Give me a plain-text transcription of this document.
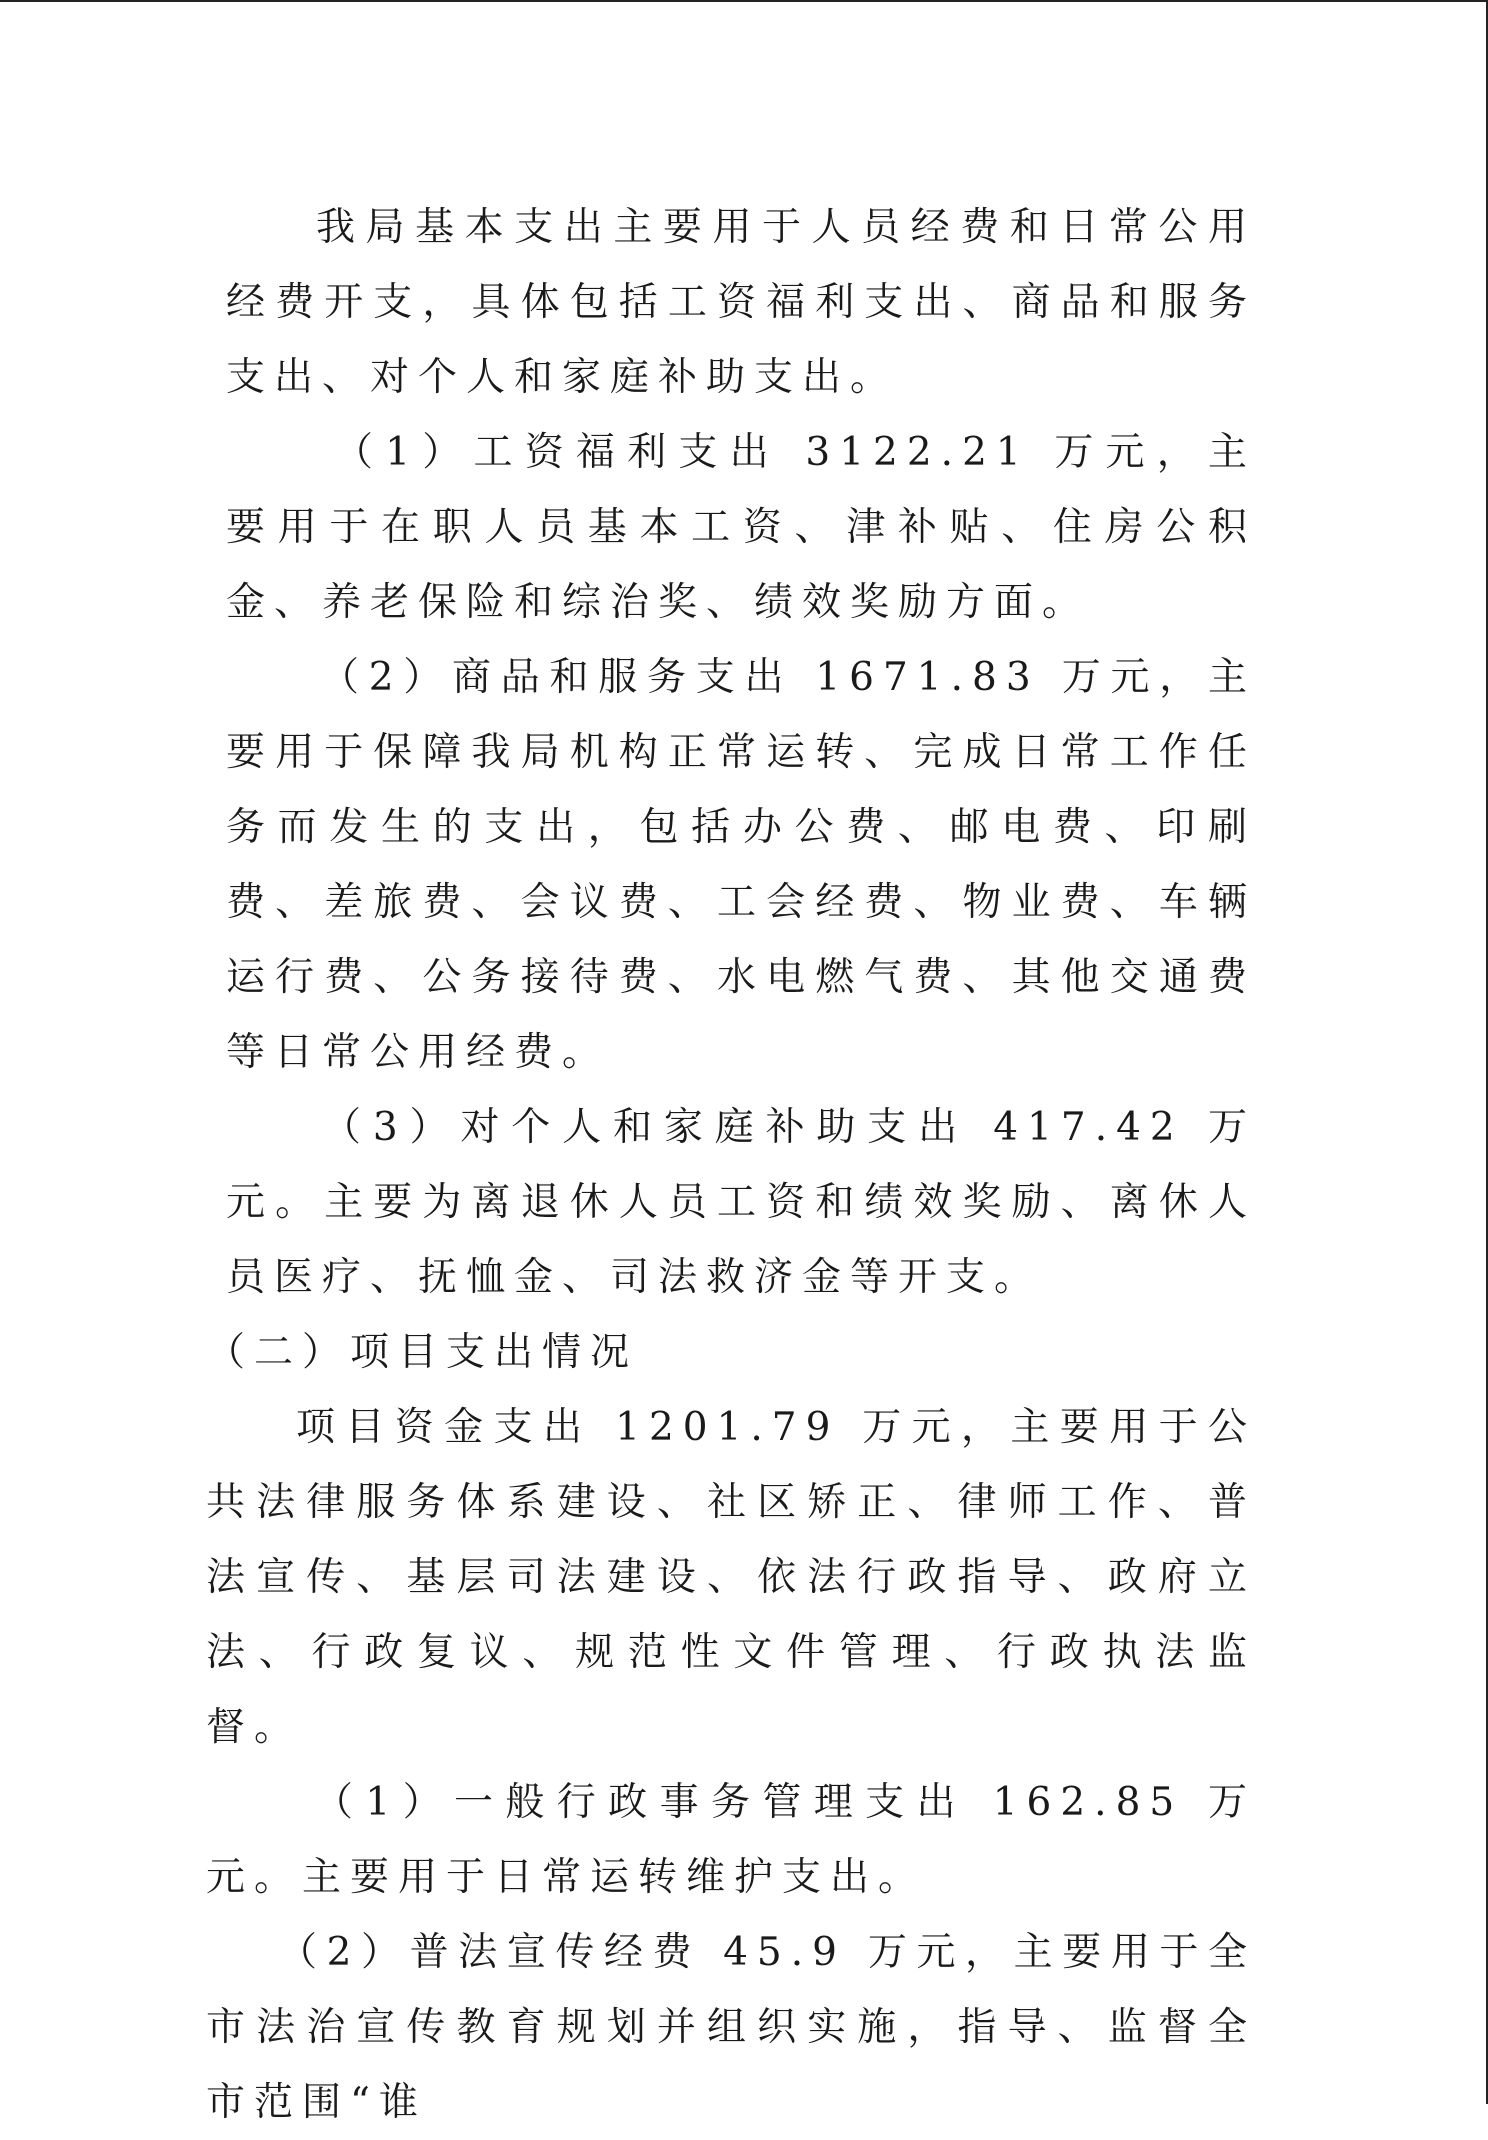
我局基本支出主要用于人员经费和日常公用经费开支，具体包括工资福利支出、商品和服务支出、对个人和家庭补助支出。

（1）工资福利支出 3122.21 万元，主要用于在职人员基本工资、津补贴、住房公积金、养老保险和综治奖、绩效奖励方面。

（2）商品和服务支出 1671.83 万元，主要用于保障我局机构正常运转、完成日常工作任务而发生的支出，包括办公费、邮电费、印刷费、差旅费、会议费、工会经费、物业费、车辆运行费、公务接待费、水电燃气费、其他交通费等日常公用经费。

（3）对个人和家庭补助支出 417.42 万元。主要为离退休人员工资和绩效奖励、离休人员医疗、抚恤金、司法救济金等开支。

（二）项目支出情况

项目资金支出 1201.79 万元，主要用于公共法律服务体系建设、社区矫正、律师工作、普法宣传、基层司法建设、依法行政指导、政府立法、行政复议、规范性文件管理、行政执法监督。

（1）一般行政事务管理支出 162.85 万元。主要用于日常运转维护支出。

（2）普法宣传经费 45.9 万元，主要用于全市法治宣传教育规划并组织实施，指导、监督全市范围“谁
